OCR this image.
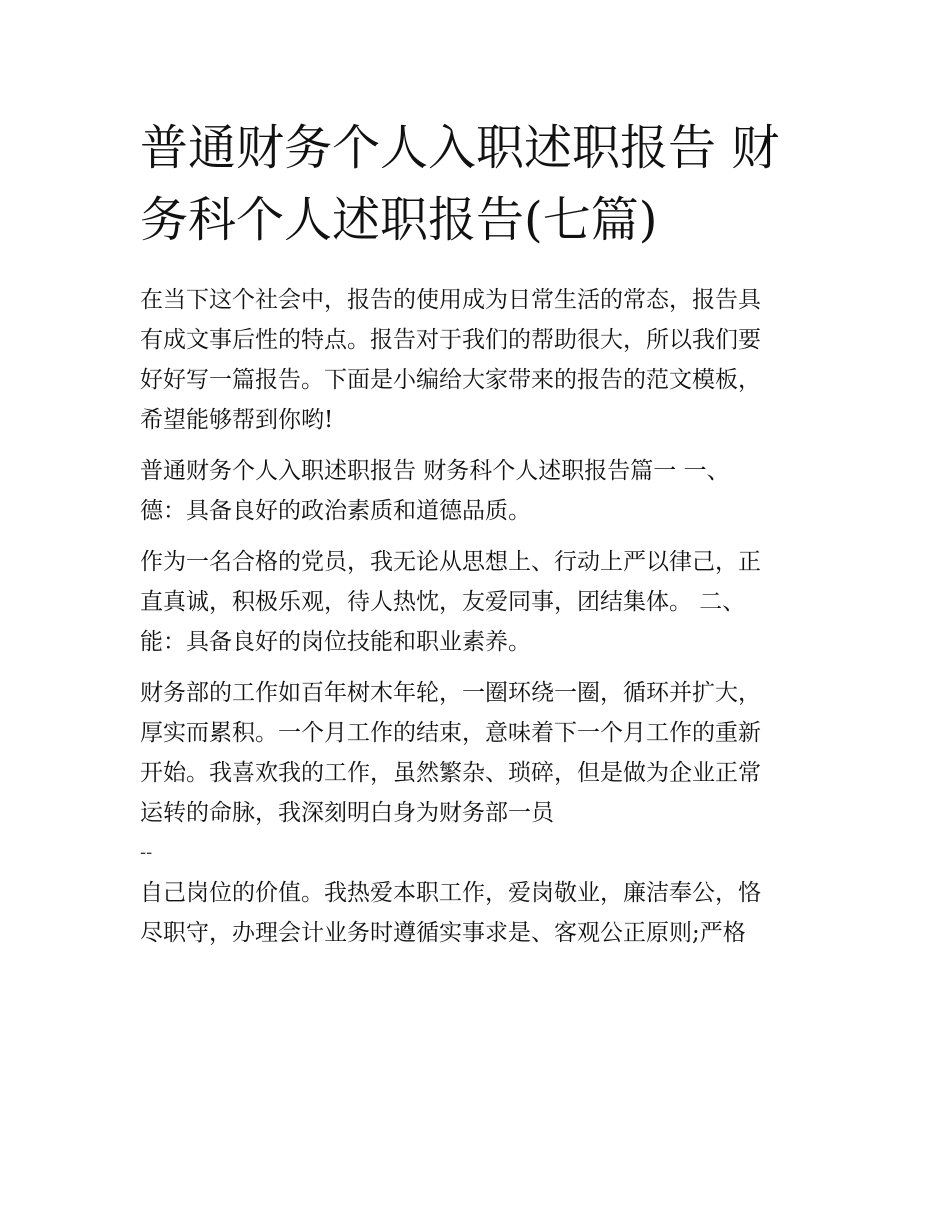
普通财务个人入职述职报告 财
务科个人述职报告(七篇)
在当下这个社会中，报告的使用成为日常生活的常态，报告具
有成文事后性的特点。报告对于我们的帮助很大，所以我们要
好好写一篇报告。下面是小编给大家带来的报告的范文模板，
希望能够帮到你哟!
普通财务个人入职述职报告 财务科个人述职报告篇一 一、
德：具备良好的政治素质和道德品质。
作为一名合格的党员，我无论从思想上、行动上严以律己，正
直真诚，积极乐观，待人热忱，友爱同事，团结集体。 二、
能：具备良好的岗位技能和职业素养。
财务部的工作如百年树木年轮，一圈环绕一圈，循环并扩大，
厚实而累积。一个月工作的结束，意味着下一个月工作的重新
开始。我喜欢我的工作，虽然繁杂、琐碎，但是做为企业正常
运转的命脉，我深刻明白身为财务部一员
--
自己岗位的价值。我热爱本职工作，爱岗敬业，廉洁奉公，恪
尽职守，办理会计业务时遵循实事求是、客观公正原则;严格
